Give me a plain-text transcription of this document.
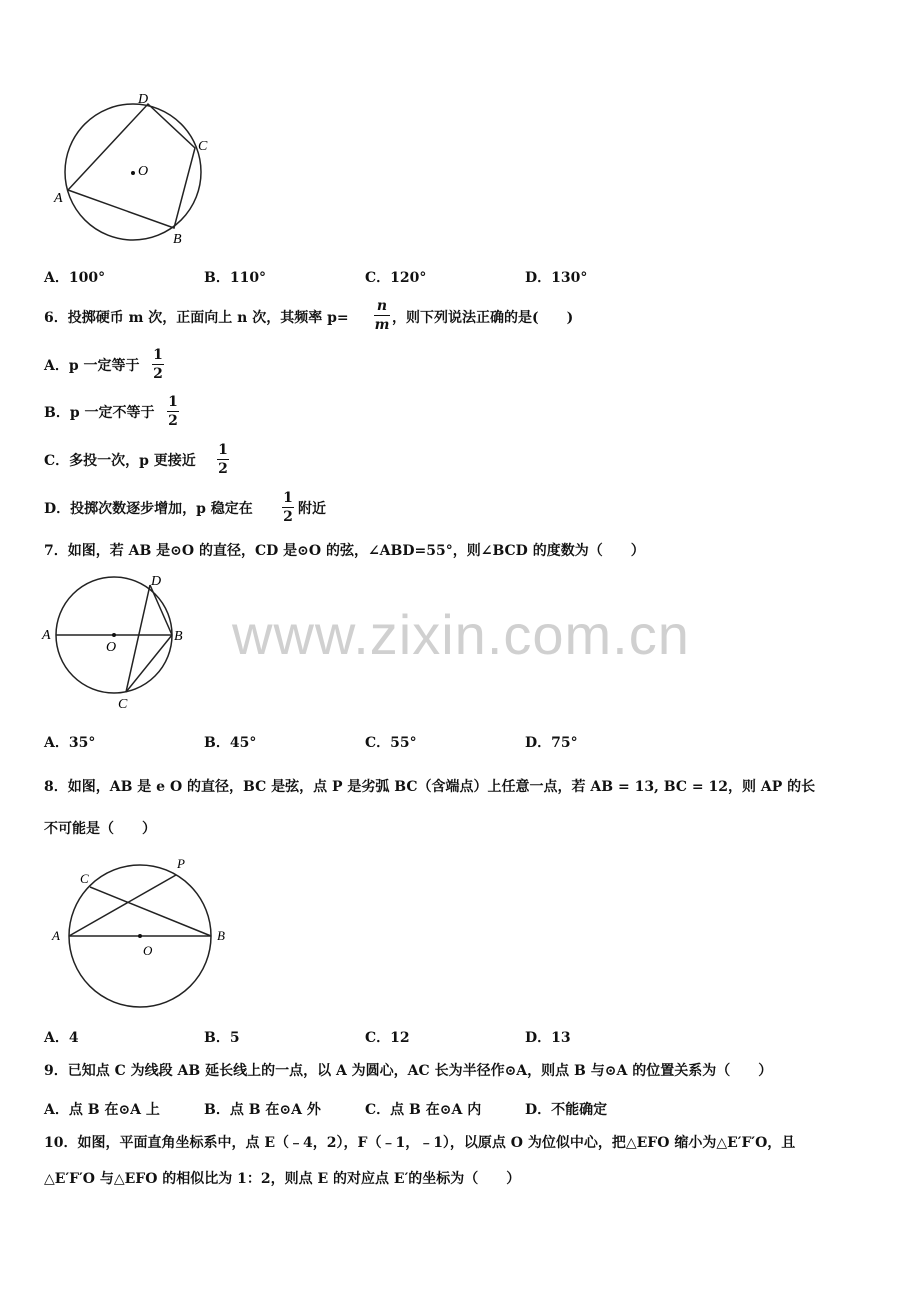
O
D
C
A
B
A．100°	B．110°	C．120°	D．130°
6．投掷硬币 m 次，正面向上 n 次，其频率 p=
n
m ，则下列说法正确的是(　　)
A．p 一定等于
1
2
B．p 一定不等于
1
2
C．多投一次，p 更接近
1
2
D．投掷次数逐步增加，p 稳定在
1
2 附近
7．如图，若 AB 是⊙O 的直径，CD 是⊙O 的弦，∠ABD=55°，则∠BCD 的度数为（　　）
A
O
B
D
C
www.zixin.com.cn
A．35°	B．45°	C．55°	D．75°
8．如图，AB 是 e O 的直径，BC 是弦，点 P 是劣弧 BC（含端点）上任意一点，若 AB = 13, BC = 12，则 AP 的长
不可能是（　　）
A	B
C
P
O
A．4	B．5	C．12	D．13
9．已知点 C 为线段 AB 延长线上的一点，以 A 为圆心，AC 长为半径作⊙A，则点 B 与⊙A 的位置关系为（　　）
A．点 B 在⊙A 上	B．点 B 在⊙A 外	C．点 B 在⊙A 内	D．不能确定
10．如图，平面直角坐标系中，点 E（﹣4，2），F（﹣1，﹣1），以原点 O 为位似中心，把△EFO 缩小为△E′F′O，且
△E′F′O 与△EFO 的相似比为 1：2，则点 E 的对应点 E′的坐标为（　　）
